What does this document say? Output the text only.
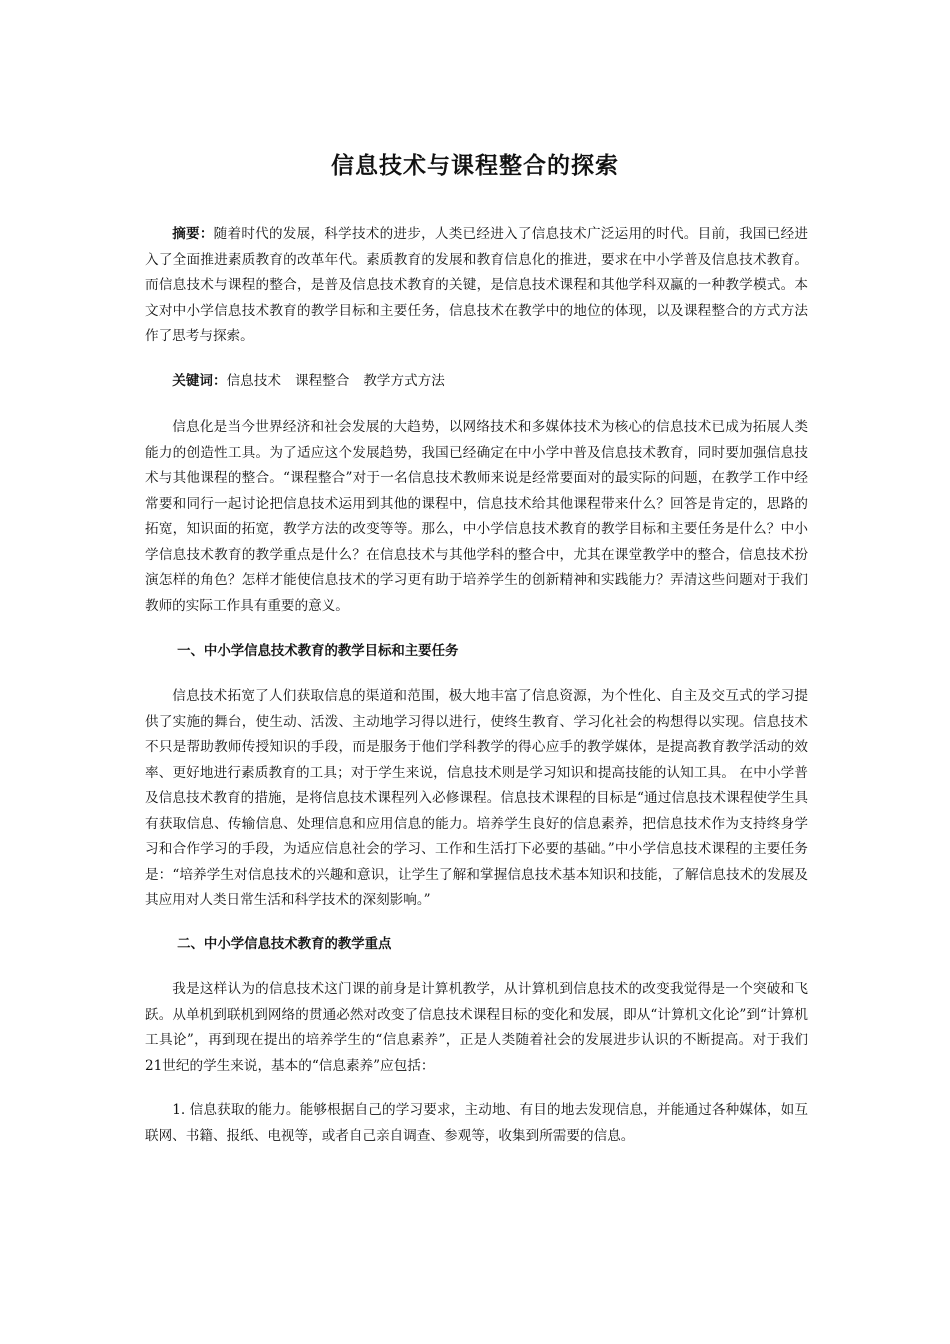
信息技术与课程整合的探索

摘要：随着时代的发展，科学技术的进步，人类已经进入了信息技术广泛运用的时代。目前，我国已经进入了全面推进素质教育的改革年代。素质教育的发展和教育信息化的推进，要求在中小学普及信息技术教育。而信息技术与课程的整合，是普及信息技术教育的关键，是信息技术课程和其他学科双赢的一种教学模式。本文对中小学信息技术教育的教学目标和主要任务，信息技术在教学中的地位的体现，以及课程整合的方式方法作了思考与探索。

关键词：信息技术 课程整合 教学方式方法

信息化是当今世界经济和社会发展的大趋势，以网络技术和多媒体技术为核心的信息技术已成为拓展人类能力的创造性工具。为了适应这个发展趋势，我国已经确定在中小学中普及信息技术教育，同时要加强信息技术与其他课程的整合。“课程整合”对于一名信息技术教师来说是经常要面对的最实际的问题，在教学工作中经常要和同行一起讨论把信息技术运用到其他的课程中，信息技术给其他课程带来什么？回答是肯定的，思路的拓宽，知识面的拓宽，教学方法的改变等等。那么，中小学信息技术教育的教学目标和主要任务是什么？中小学信息技术教育的教学重点是什么？在信息技术与其他学科的整合中，尤其在课堂教学中的整合，信息技术扮演怎样的角色？怎样才能使信息技术的学习更有助于培养学生的创新精神和实践能力？弄清这些问题对于我们教师的实际工作具有重要的意义。

一、中小学信息技术教育的教学目标和主要任务

信息技术拓宽了人们获取信息的渠道和范围，极大地丰富了信息资源，为个性化、自主及交互式的学习提供了实施的舞台，使生动、活泼、主动地学习得以进行，使终生教育、学习化社会的构想得以实现。信息技术不只是帮助教师传授知识的手段，而是服务于他们学科教学的得心应手的教学媒体，是提高教育教学活动的效率、更好地进行素质教育的工具；对于学生来说，信息技术则是学习知识和提高技能的认知工具。 在中小学普及信息技术教育的措施，是将信息技术课程列入必修课程。信息技术课程的目标是“通过信息技术课程使学生具有获取信息、传输信息、处理信息和应用信息的能力。培养学生良好的信息素养，把信息技术作为支持终身学习和合作学习的手段，为适应信息社会的学习、工作和生活打下必要的基础。”中小学信息技术课程的主要任务是：“培养学生对信息技术的兴趣和意识，让学生了解和掌握信息技术基本知识和技能，了解信息技术的发展及其应用对人类日常生活和科学技术的深刻影响。”

二、中小学信息技术教育的教学重点

我是这样认为的信息技术这门课的前身是计算机教学，从计算机到信息技术的改变我觉得是一个突破和飞跃。从单机到联机到网络的贯通必然对改变了信息技术课程目标的变化和发展，即从“计算机文化论”到“计算机工具论”，再到现在提出的培养学生的“信息素养”，正是人类随着社会的发展进步认识的不断提高。对于我们21世纪的学生来说，基本的“信息素养”应包括：

1. 信息获取的能力。能够根据自己的学习要求，主动地、有目的地去发现信息，并能通过各种媒体，如互联网、书籍、报纸、电视等，或者自己亲自调查、参观等，收集到所需要的信息。
